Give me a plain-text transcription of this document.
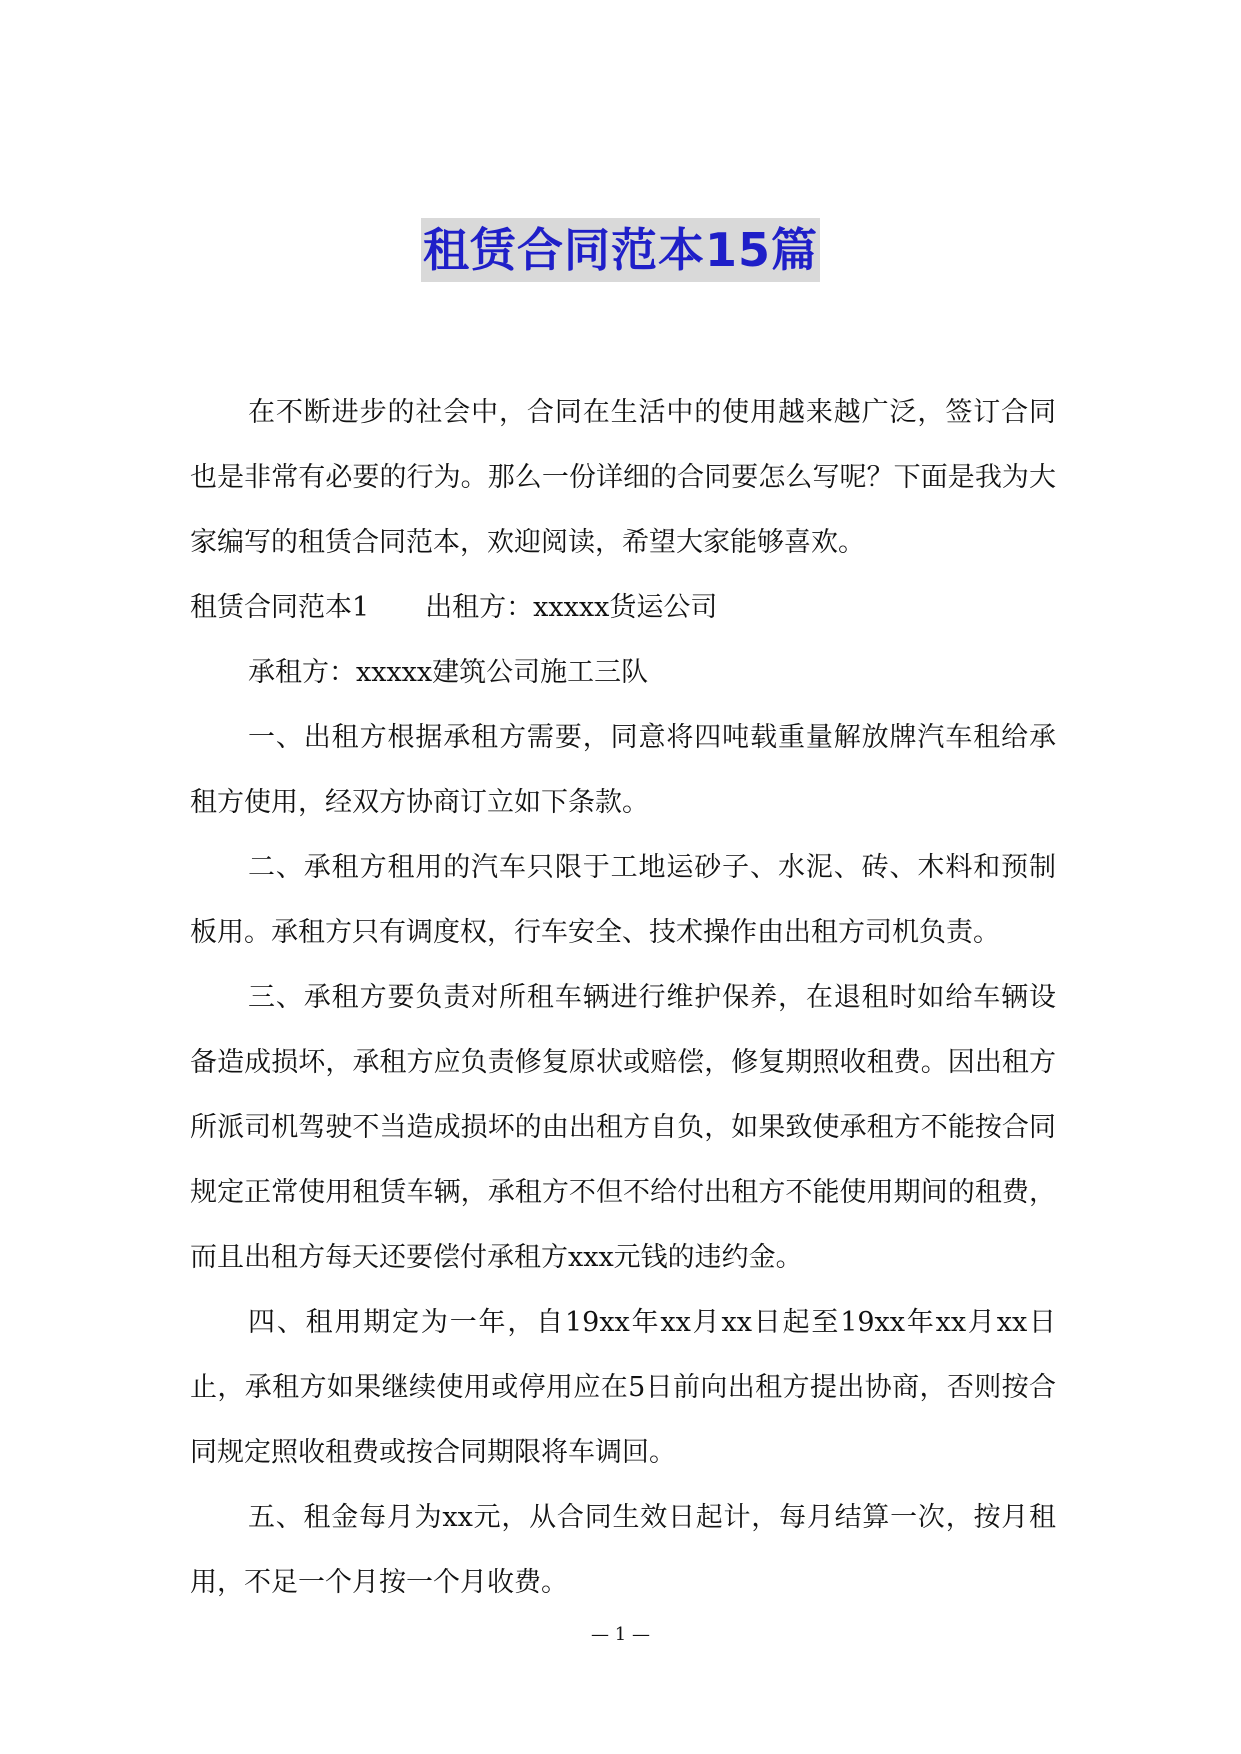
租赁合同范本15篇

在不断进步的社会中，合同在生活中的使用越来越广泛，签订合同也是非常有必要的行为。那么一份详细的合同要怎么写呢？下面是我为大家编写的租赁合同范本，欢迎阅读，希望大家能够喜欢。

租赁合同范本1 出租方：xxxxx货运公司

承租方：xxxxx建筑公司施工三队

一、出租方根据承租方需要，同意将四吨载重量解放牌汽车租给承租方使用，经双方协商订立如下条款。

二、承租方租用的汽车只限于工地运砂子、水泥、砖、木料和预制板用。承租方只有调度权，行车安全、技术操作由出租方司机负责。

三、承租方要负责对所租车辆进行维护保养，在退租时如给车辆设备造成损坏，承租方应负责修复原状或赔偿，修复期照收租费。因出租方所派司机驾驶不当造成损坏的由出租方自负，如果致使承租方不能按合同规定正常使用租赁车辆，承租方不但不给付出租方不能使用期间的租费，而且出租方每天还要偿付承租方xxx元钱的违约金。

四、租用期定为一年，自19xx年xx月xx日起至19xx年xx月xx日止，承租方如果继续使用或停用应在5日前向出租方提出协商，否则按合同规定照收租费或按合同期限将车调回。

五、租金每月为xx元，从合同生效日起计，每月结算一次，按月租用，不足一个月按一个月收费。

— 1 —
